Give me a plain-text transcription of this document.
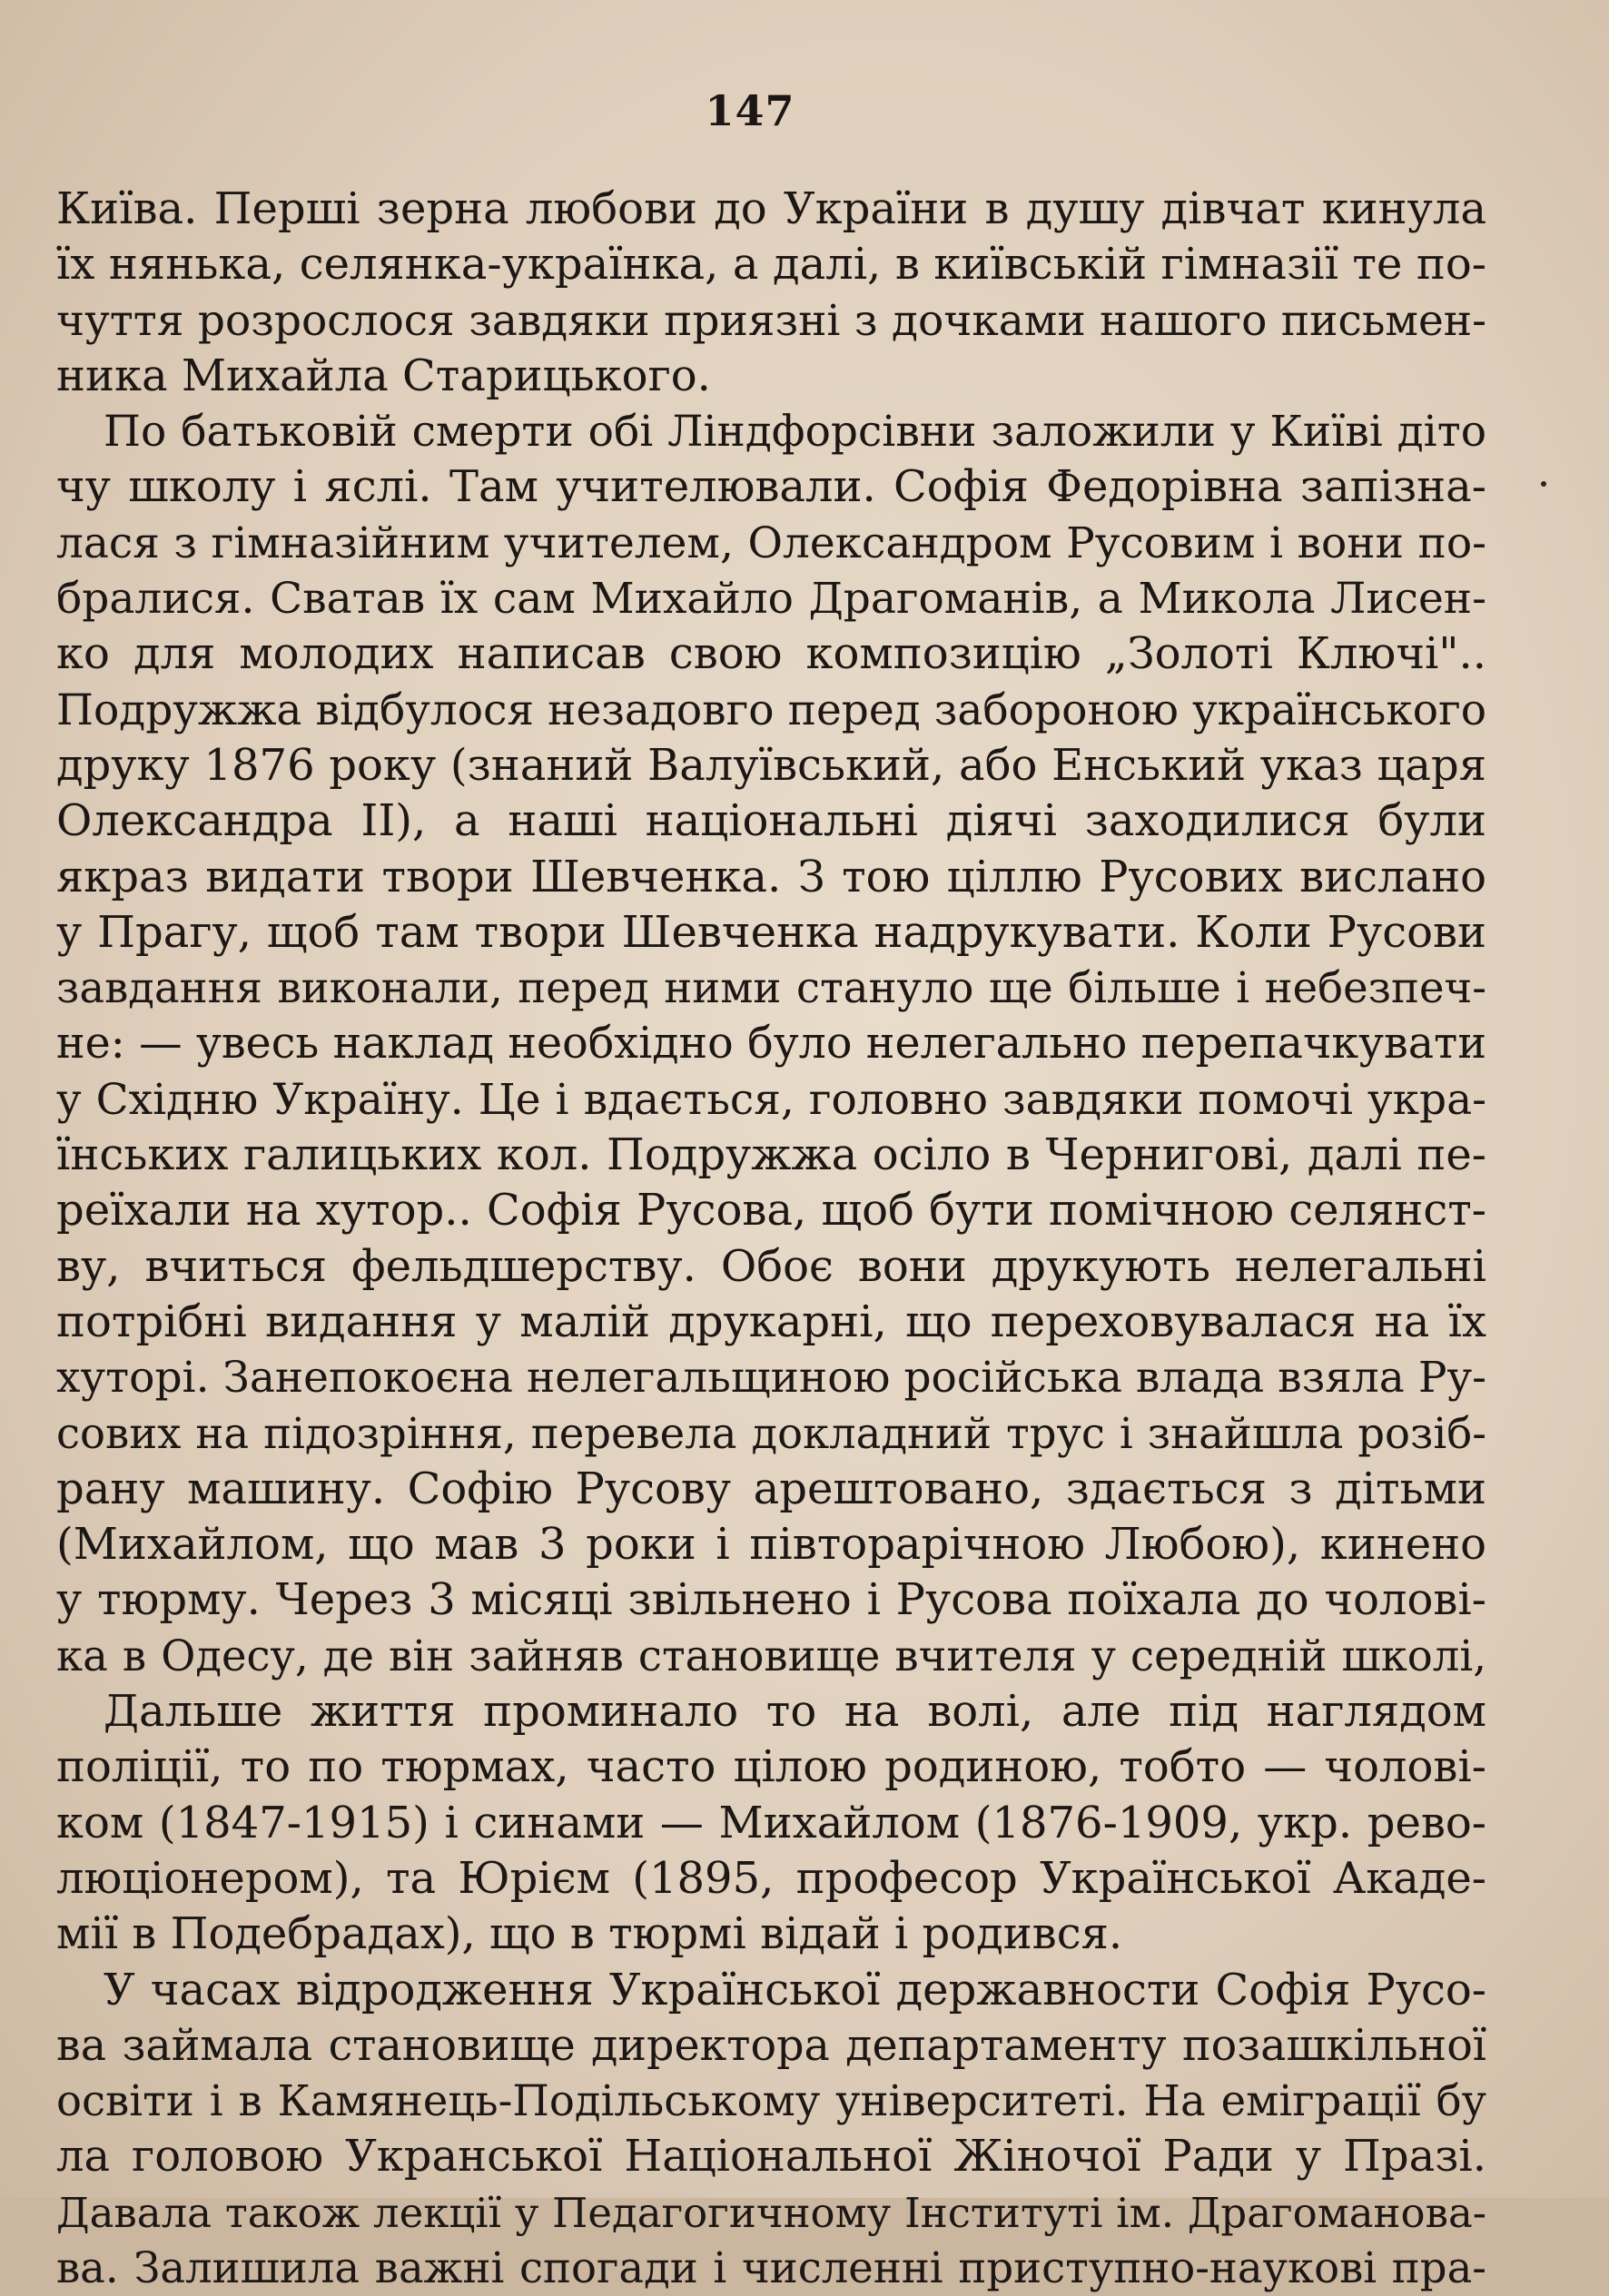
147
Київа. Перші зерна любови до України в душу дівчат кинула
їх нянька, селянка-українка, а далі, в київській гімназії те по-
чуття розрослося завдяки приязні з дочками нашого письмен-
ника Михайла Старицького.
По батьковій смерти обі Ліндфорсівни заложили у Київі діто
чу школу і яслі. Там учителювали. Софія Федорівна запізна-
лася з гімназійним учителем, Олександром Русовим і вони по-
бралися. Сватав їх сам Михайло Драгоманів, а Микола Лисен-
ко для молодих написав свою композицію „Золоті Ключі"..
Подружжа відбулося незадовго перед забороною українського
друку 1876 року (знаний Валуївський, або Енський указ царя
Олександра II), а наші національні діячі заходилися були
якраз видати твори Шевченка. З тою ціллю Русових вислано
у Прагу, щоб там твори Шевченка надрукувати. Коли Русови
завдання виконали, перед ними стануло ще більше і небезпеч-
не: — увесь наклад необхідно було нелегально перепачкувати
у Східню Україну. Це і вдається, головно завдяки помочі укра-
їнських галицьких кол. Подружжа осіло в Чернигові, далі пе-
реїхали на хутор.. Софія Русова, щоб бути помічною селянст-
ву, вчиться фельдшерству. Обоє вони друкують нелегальні
потрібні видання у малій друкарні, що переховувалася на їх
хуторі. Занепокоєна нелегальщиною російська влада взяла Ру-
сових на підозріння, перевела докладний трус і знайшла розіб-
рану машину. Софію Русову арештовано, здається з дітьми
(Михайлом, що мав 3 роки і півторарічною Любою), кинено
у тюрму. Через 3 місяці звільнено і Русова поїхала до чолові-
ка в Одесу, де він зайняв становище вчителя у середній школі,
Дальше життя проминало то на волі, але під наглядом
поліції, то по тюрмах, часто цілою родиною, тобто — чолові-
ком (1847-1915) і синами — Михайлом (1876-1909, укр. рево-
люціонером), та Юрієм (1895, професор Української Акаде-
мії в Подебрадах), що в тюрмі відай і родився.
У часах відродження Української державности Софія Русо-
ва займала становище директора департаменту позашкільної
освіти і в Камянець-Подільському університеті. На еміграції бу
ла головою Укранської Національної Жіночої Ради у Празі.
Давала також лекції у Педагогичному Інституті ім. Драгоманова-
ва. Залишила важні спогади і численні приступно-наукові пра-
